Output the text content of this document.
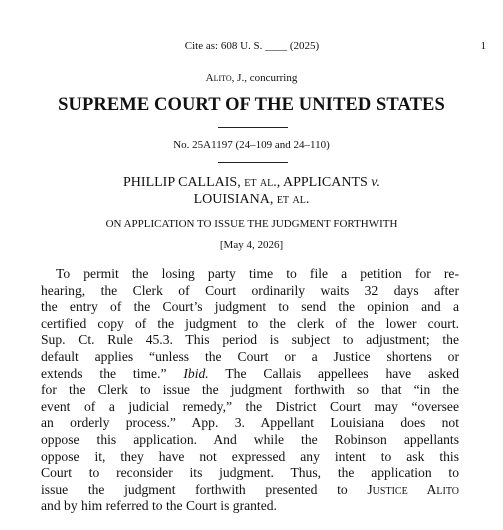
Cite as: 608 U. S. ____ (2025)	1
Alito, J., concurring
SUPREME COURT OF THE UNITED STATES
No. 25A1197 (24–109 and 24–110)
PHILLIP CALLAIS, et al., APPLICANTS v.
LOUISIANA, et al.
ON APPLICATION TO ISSUE THE JUDGMENT FORTHWITH
[May 4, 2026]
To permit the losing party time to file a petition for re-
hearing, the Clerk of Court ordinarily waits 32 days after
the entry of the Court’s judgment to send the opinion and a
certified copy of the judgment to the clerk of the lower court.
Sup. Ct. Rule 45.3. This period is subject to adjustment; the
default applies “unless the Court or a Justice shortens or
extends the time.” Ibid. The Callais appellees have asked
for the Clerk to issue the judgment forthwith so that “in the
event of a judicial remedy,” the District Court may “oversee
an orderly process.” App. 3. Appellant Louisiana does not
oppose this application. And while the Robinson appellants
oppose it, they have not expressed any intent to ask this
Court to reconsider its judgment. Thus, the application to
issue the judgment forthwith presented to Justice Alito
and by him referred to the Court is granted.
